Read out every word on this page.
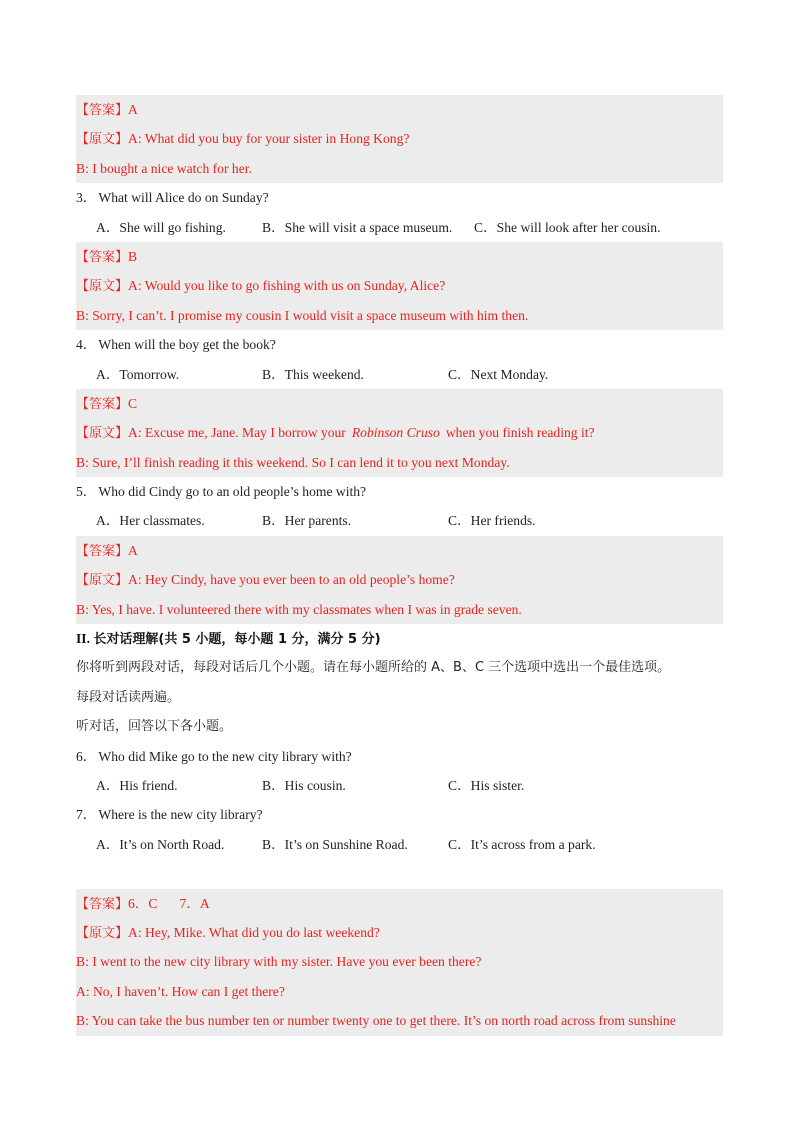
【答案】A
【原文】A: What did you buy for your sister in Hong Kong?
B: I bought a nice watch for her.
3． What will Alice do on Sunday?
A．She will go fishing.	B．She will visit a space museum.	C．She will look after her cousin.
【答案】B
【原文】A: Would you like to go fishing with us on Sunday, Alice?
B: Sorry, I can’t. I promise my cousin I would visit a space museum with him then.
4． When will the boy get the book?
A．Tomorrow.	B．This weekend.	C．Next Monday.
【答案】C
【原文】A: Excuse me, Jane. May I borrow your Robinson Cruso when you finish reading it?
B: Sure, I’ll finish reading it this weekend. So I can lend it to you next Monday.
5． Who did Cindy go to an old people’s home with?
A．Her classmates.	B．Her parents.	C．Her friends.
【答案】A
【原文】A: Hey Cindy, have you ever been to an old people’s home?
B: Yes, I have. I volunteered there with my classmates when I was in grade seven.
II. 长对话理解(共 5 小题，每小题 1 分，满分 5 分)
你将听到两段对话，每段对话后几个小题。请在每小题所给的 A、B、C 三个选项中选出一个最佳选项。
每段对话读两遍。
听对话，回答以下各小题。
6． Who did Mike go to the new city library with?
A．His friend.	B．His cousin.	C．His sister.
7． Where is the new city library?
A．It’s on North Road.	B．It’s on Sunshine Road.	C．It’s across from a park.
【答案】6．C 7．A
【原文】A: Hey, Mike. What did you do last weekend?
B: I went to the new city library with my sister. Have you ever been there?
A: No, I haven’t. How can I get there?
B: You can take the bus number ten or number twenty one to get there. It’s on north road across from sunshine
